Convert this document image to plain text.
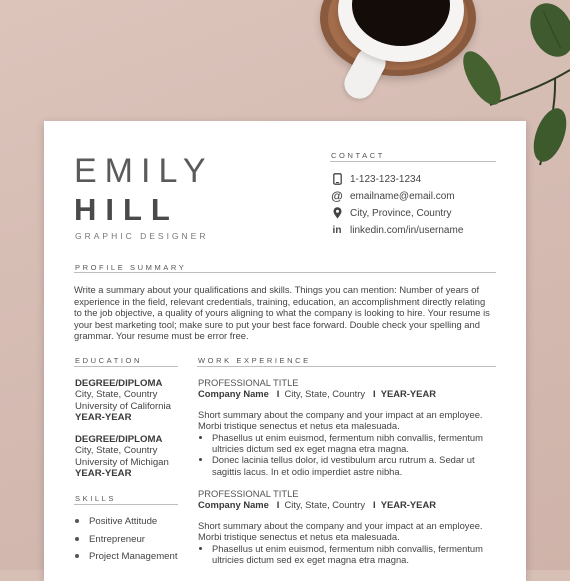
EMILY
HILL
GRAPHIC DESIGNER
CONTACT
1-123-123-1234
@ emailname@email.com
City, Province, Country
in linkedin.com/in/username
PROFILE SUMMARY
Write a summary about your qualifications and skills. Things you can mention: Number of years of experience in the field, relevant credentials, training, education, an accomplishment directly relating to the job objective, a quality of yours aligning to what the company is looking to hire. Your resume is your best marketing tool; make sure to put your best face forward. Double check your spelling and grammar. Your resume must be error free.
EDUCATION
DEGREE/DIPLOMA
City, State, Country
University of California
YEAR-YEAR
DEGREE/DIPLOMA
City, State, Country
University of Michigan
YEAR-YEAR
SKILLS
Positive Attitude
Entrepreneur
Project Management
WORK EXPERIENCE
PROFESSIONAL TITLE
Company Name I City, State, Country I YEAR-YEAR
Short summary about the company and your impact at an employee. Morbi tristique senectus et netus eta malesuada.
• Phasellus ut enim euismod, fermentum nibh convallis, fermentum ultricies dictum sed ex eget magna etra magna.
• Donec lacinia tellus dolor, id vestibulum arcu rutrum a. Sedar ut sagittis lacus. In et odio imperdiet astre nibha.
PROFESSIONAL TITLE
Company Name I City, State, Country I YEAR-YEAR
Short summary about the company and your impact at an employee. Morbi tristique senectus et netus eta malesuada.
• Phasellus ut enim euismod, fermentum nibh convallis, fermentum ultricies dictum sed ex eget magna etra magna.
